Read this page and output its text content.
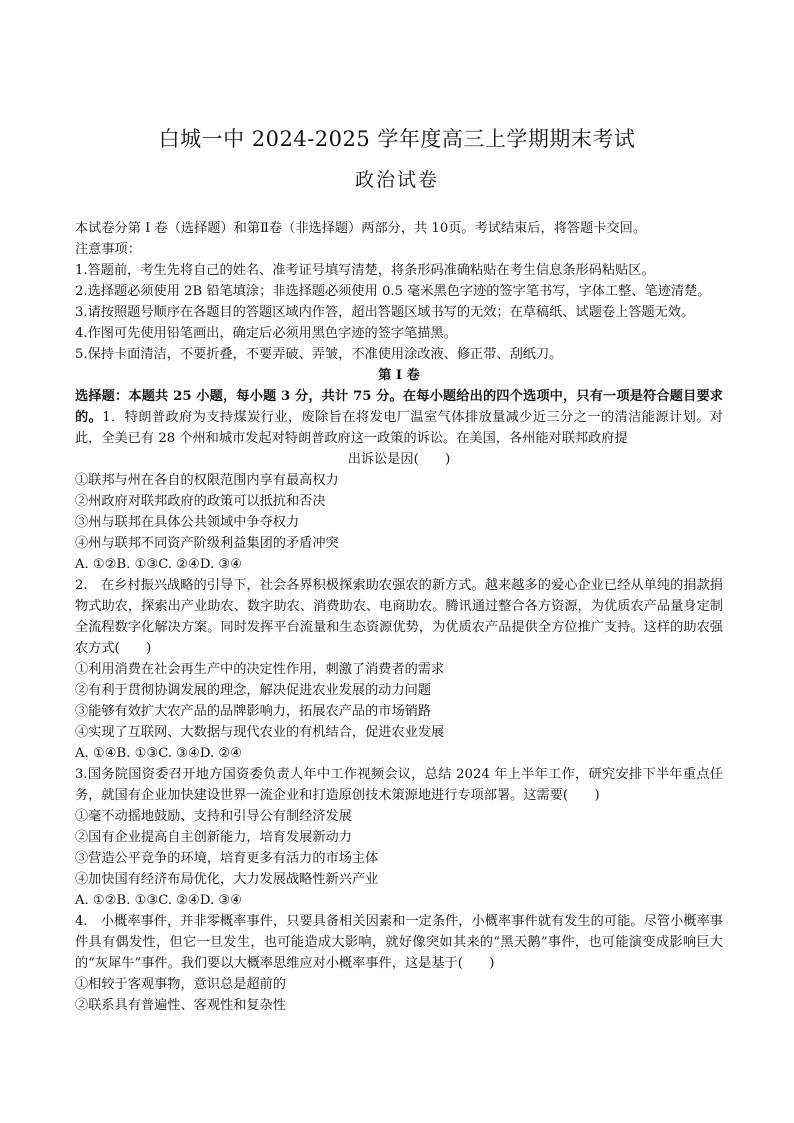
白城一中 2024-2025 学年度高三上学期期末考试
政治试卷

本试卷分第 I 卷（选择题）和第Ⅱ卷（非选择题）两部分，共 10页。考试结束后，将答题卡交回。

注意事项：

1.答题前，考生先将自己的姓名、准考证号填写清楚，将条形码准确粘贴在考生信息条形码粘贴区。

2.选择题必须使用 2B 铅笔填涂；非选择题必须使用 0.5 毫米黑色字迹的签字笔书写，字体工整、笔迹清楚。

3.请按照题号顺序在各题目的答题区域内作答，超出答题区域书写的无效；在草稿纸、试题卷上答题无效。

4.作图可先使用铅笔画出，确定后必须用黑色字迹的签字笔描黑。

5.保持卡面清洁，不要折叠，不要弄破、弄皱，不准使用涂改液、修正带、刮纸刀。

第 I 卷

选择题：本题共 25 小题，每小题 3 分，共计 75 分。在每小题给出的四个选项中，只有一项是符合题目要求的。1．特朗普政府为支持煤炭行业，废除旨在将发电厂温室气体排放量减少近三分之一的清洁能源计划。对此，全美已有 28 个州和城市发起对特朗普政府这一政策的诉讼。在美国，各州能对联邦政府提

出诉讼是因(　　)

①联邦与州在各自的权限范围内享有最高权力

②州政府对联邦政府的政策可以抵抗和否决

③州与联邦在具体公共领域中争夺权力

④州与联邦不同资产阶级利益集团的矛盾冲突

A. ①②B. ①③C. ②④D. ③④

2.　在乡村振兴战略的引导下，社会各界积极探索助农强农的新方式。越来越多的爱心企业已经从单纯的捐款捐物式助农，探索出产业助农、数字助农、消费助农、电商助农。腾讯通过整合各方资源，为优质农产品量身定制全流程数字化解决方案。同时发挥平台流量和生态资源优势，为优质农产品提供全方位推广支持。这样的助农强农方式(　　)

①利用消费在社会再生产中的决定性作用，刺激了消费者的需求

②有利于贯彻协调发展的理念，解决促进农业发展的动力问题

③能够有效扩大农产品的品牌影响力，拓展农产品的市场销路

④实现了互联网、大数据与现代农业的有机结合，促进农业发展

A. ①④B. ①③C. ③④D. ②④

3.国务院国资委召开地方国资委负责人年中工作视频会议，总结 2024 年上半年工作，研究安排下半年重点任务，就国有企业加快建设世界一流企业和打造原创技术策源地进行专项部署。这需要(　　)

①毫不动摇地鼓励、支持和引导公有制经济发展

②国有企业提高自主创新能力，培育发展新动力

③营造公平竞争的环境，培育更多有活力的市场主体

④加快国有经济布局优化，大力发展战略性新兴产业

A. ①②B. ①③C. ②④D. ③④

4.　小概率事件，并非零概率事件，只要具备相关因素和一定条件，小概率事件就有发生的可能。尽管小概率事件具有偶发性，但它一旦发生，也可能造成大影响，就好像突如其来的“黑天鹅”事件，也可能演变成影响巨大的“灰犀牛”事件。我们要以大概率思维应对小概率事件，这是基于(　　)

①相较于客观事物，意识总是超前的

②联系具有普遍性、客观性和复杂性
